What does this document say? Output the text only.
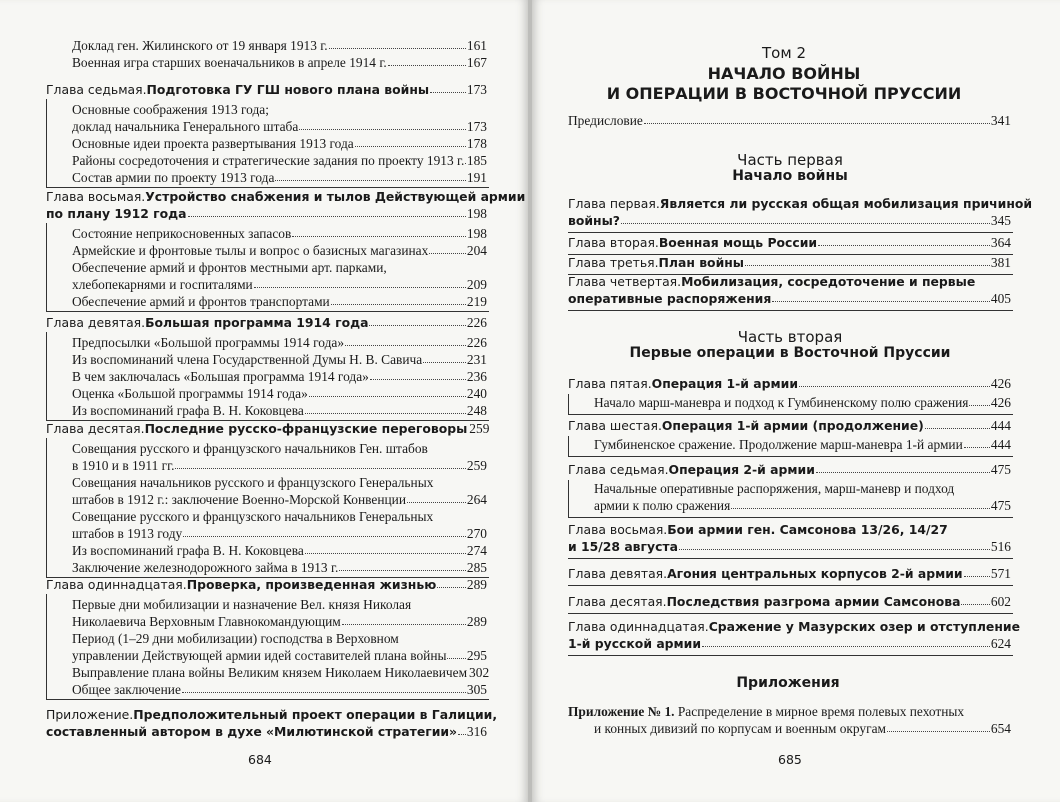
Доклад ген. Жилинского от 19 января 1913 г.	161
Военная игра старших военачальников в апреле 1914 г.	167
Глава седьмая. Подготовка ГУ ГШ нового плана войны	173
Основные соображения 1913 года;
доклад начальника Генерального штаба	173
Основные идеи проекта развертывания 1913 года	178
Районы сосредоточения и стратегические задания по проекту 1913 г. 185
Состав армии по проекту 1913 года	191
Глава восьмая. Устройство снабжения и тылов Действующей армии
по плану 1912 года	198
Состояние неприкосновенных запасов	198
Армейские и фронтовые тылы и вопрос о базисных магазинах	204
Обеспечение армий и фронтов местными арт. парками,
хлебопекарнями и госпиталями	209
Обеспечение армий и фронтов транспортами	219
Глава девятая. Большая программа 1914 года	226
Предпосылки «Большой программы 1914 года»	226
Из воспоминаний члена Государственной Думы Н. В. Савича	231
В чем заключалась «Большая программа 1914 года»	236
Оценка «Большой программы 1914 года»	240
Из воспоминаний графа В. Н. Коковцева	248
Глава десятая. Последние русско-французские переговоры 259
Совещания русского и французского начальников Ген. штабов
в 1910 и в 1911 гг.	259
Совещания начальников русского и французского Генеральных
штабов в 1912 г.: заключение Военно-Морской Конвенции	264
Совещание русского и французского начальников Генеральных
штабов в 1913 году	270
Из воспоминаний графа В. Н. Коковцева	274
Заключение железнодорожного займа в 1913 г.	285
Глава одиннадцатая. Проверка, произведенная жизнью 289
Первые дни мобилизации и назначение Вел. князя Николая
Николаевича Верховным Главнокомандующим	289
Период (1–29 дни мобилизации) господства в Верховном
управлении Действующей армии идей составителей плана войны 295
Выправление плана войны Великим князем Николаем Николаевичем 302
Общее заключение	305
Приложение. Предположительный проект операции в Галиции,
составленный автором в духе «Милютинской стратегии» 316
684
Том 2
НАЧАЛО ВОЙНЫ
И ОПЕРАЦИИ В ВОСТОЧНОЙ ПРУССИИ
Предисловие	341
Часть первая
Начало войны
Глава первая. Является ли русская общая мобилизация причиной
войны?	345
Глава вторая. Военная мощь России	364
Глава третья. План войны	381
Глава четвертая. Мобилизация, сосредоточение и первые
оперативные распоряжения	405
Часть вторая
Первые операции в Восточной Пруссии
Глава пятая. Операция 1-й армии	426
Начало марш-маневра и подход к Гумбиненскому полю сражения 426
Глава шестая. Операция 1-й армии (продолжение)	444
Гумбиненское сражение. Продолжение марш-маневра 1-й армии 444
Глава седьмая. Операция 2-й армии	475
Начальные оперативные распоряжения, марш-маневр и подход
армии к полю сражения	475
Глава восьмая. Бои армии ген. Самсонова 13/26, 14/27
и 15/28 августа	516
Глава девятая. Агония центральных корпусов 2-й армии 571
Глава десятая. Последствия разгрома армии Самсонова 602
Глава одиннадцатая. Сражение у Мазурских озер и отступление
1-й русской армии	624
Приложения
Приложение № 1. Распределение в мирное время полевых пехотных
и конных дивизий по корпусам и военным округам	654
685
